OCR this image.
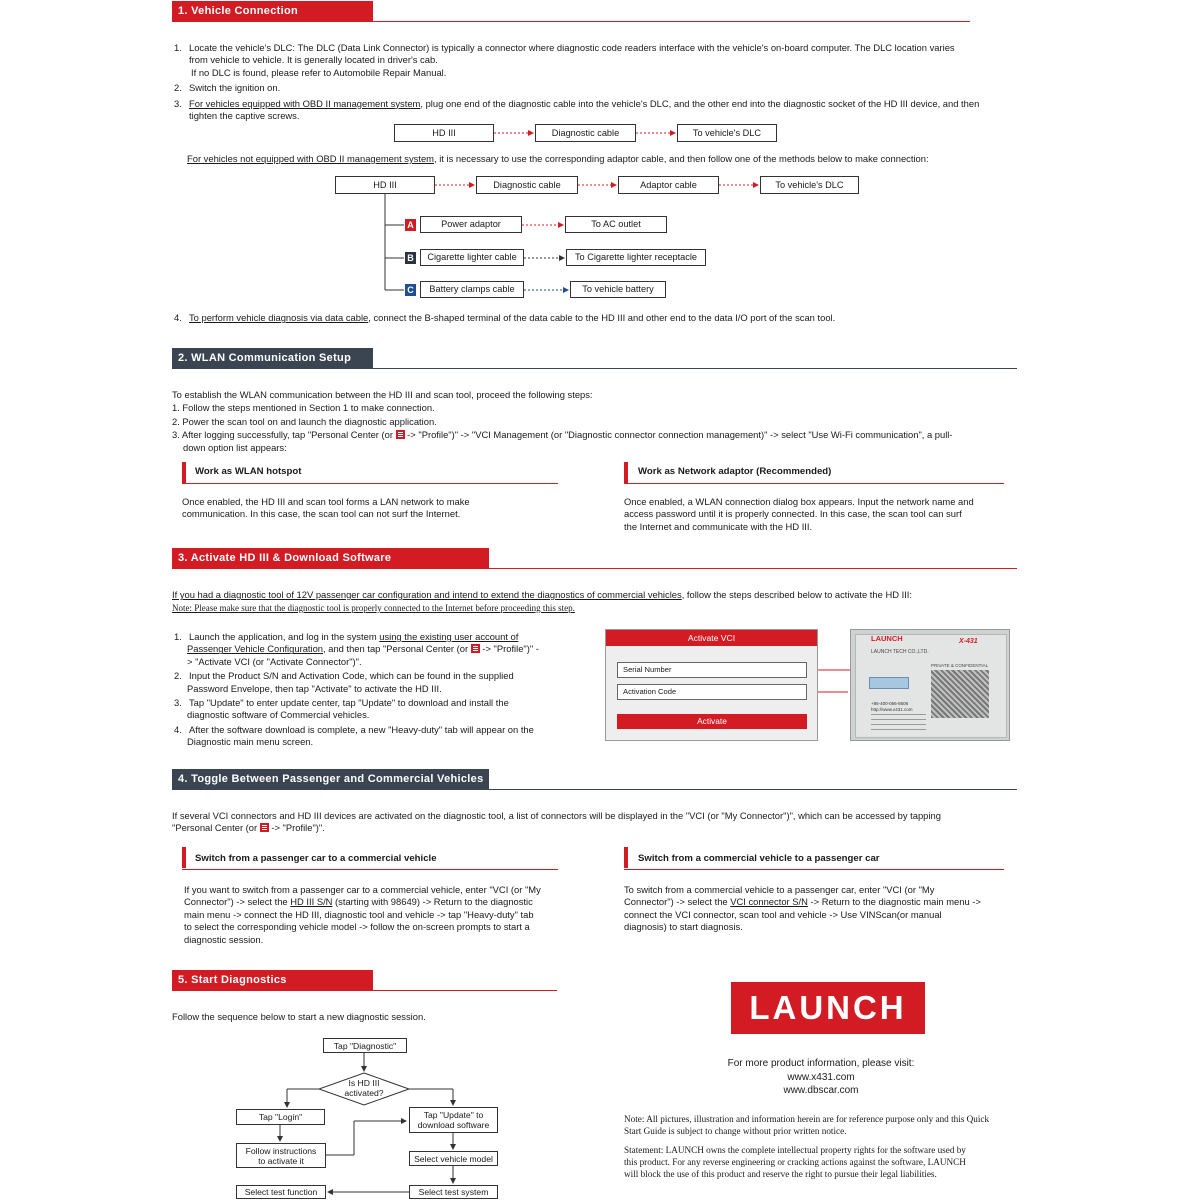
1. Vehicle Connection
1. Locate the vehicle's DLC: The DLC (Data Link Connector) is typically a connector where diagnostic code readers interface with the vehicle's on-board computer. The DLC location varies
from vehicle to vehicle. It is generally located in driver's cab.
If no DLC is found, please refer to Automobile Repair Manual.
2. Switch the ignition on.
3. For vehicles equipped with OBD II management system, plug one end of the diagnostic cable into the vehicle's DLC, and the other end into the diagnostic socket of the HD III device, and then
tighten the captive screws.
HD III	Diagnostic cable	To vehicle's DLC
For vehicles not equipped with OBD II management system, it is necessary to use the corresponding adaptor cable, and then follow one of the methods below to make connection:
HD III	Diagnostic cable	Adaptor cable	To vehicle's DLC
A	Power adaptor	To AC outlet
B	Cigarette lighter cable	To Cigarette lighter receptacle
C	Battery clamps cable	To vehicle battery
4. To perform vehicle diagnosis via data cable, connect the B-shaped terminal of the data cable to the HD III and other end to the data I/O port of the scan tool.
2. WLAN Communication Setup
To establish the WLAN communication between the HD III and scan tool, proceed the following steps:
1. Follow the steps mentioned in Section 1 to make connection.
2. Power the scan tool on and launch the diagnostic application.
3. After logging successfully, tap "Personal Center (or  -> "Profile")" -> "VCI Management (or "Diagnostic connector connection management)" -> select "Use Wi-Fi communication", a pull-
down option list appears:
Work as WLAN hotspot
Once enabled, the HD III and scan tool forms a LAN network to make
communication. In this case, the scan tool can not surf the Internet.
Work as Network adaptor (Recommended)
Once enabled, a WLAN connection dialog box appears. Input the network name and
access password until it is properly connected. In this case, the scan tool can surf
the Internet and communicate with the HD III.
3. Activate HD III & Download Software
If you had a diagnostic tool of 12V passenger car configuration and intend to extend the diagnostics of commercial vehicles, follow the steps described below to activate the HD III:
Note: Please make sure that the diagnostic tool is properly connected to the Internet before proceeding this step.
1. Launch the application, and log in the system using the existing user account of
Passenger Vehicle Configuration, and then tap "Personal Center (or  -> "Profile")" -
> "Activate VCI (or "Activate Connector")".
2. Input the Product S/N and Activation Code, which can be found in the supplied
Password Envelope, then tap "Activate" to activate the HD III.
3. Tap "Update" to enter update center, tap "Update" to download and install the
diagnostic software of Commercial vehicles.
4. After the software download is complete, a new "Heavy-duty" tab will appear on the
Diagnostic main menu screen.
Activate VCI
Serial Number
Activation Code
Activate
LAUNCH	X-431
LAUNCH TECH CO.,LTD.
PRIVATE & CONFIDENTIAL
+86-400-066-8606
http://www.x431.com
4. Toggle Between Passenger and Commercial Vehicles
If several VCI connectors and HD III devices are activated on the diagnostic tool, a list of connectors will be displayed in the "VCI (or "My Connector")", which can be accessed by tapping
"Personal Center (or  -> "Profile")".
Switch from a passenger car to a commercial vehicle
If you want to switch from a passenger car to a commercial vehicle, enter "VCI (or "My
Connector") -> select the HD III S/N (starting with 98649) -> Return to the diagnostic
main menu -> connect the HD III, diagnostic tool and vehicle -> tap "Heavy-duty" tab
to select the corresponding vehicle model -> follow the on-screen prompts to start a
diagnostic session.
Switch from a commercial vehicle to a passenger car
To switch from a commercial vehicle to a passenger car, enter "VCI (or "My
Connector") -> select the VCI connector S/N -> Return to the diagnostic main menu ->
connect the VCI connector, scan tool and vehicle -> Use VINScan(or manual
diagnosis) to start diagnosis.
5. Start Diagnostics
Follow the sequence below to start a new diagnostic session.
Tap "Diagnostic"
Is HD III
activated?
Tap "Login"	Tap "Update" to
download software
Follow instructions
to activate it	Select vehicle model
Select test function	Select test system
LAUNCH
For more product information, please visit:
www.x431.com
www.dbscar.com
Note: All pictures, illustration and information herein are for reference purpose only and this Quick
Start Guide is subject to change without prior written notice.
Statement: LAUNCH owns the complete intellectual property rights for the software used by
this product. For any reverse engineering or cracking actions against the software, LAUNCH
will block the use of this product and reserve the right to pursue their legal liabilities.
